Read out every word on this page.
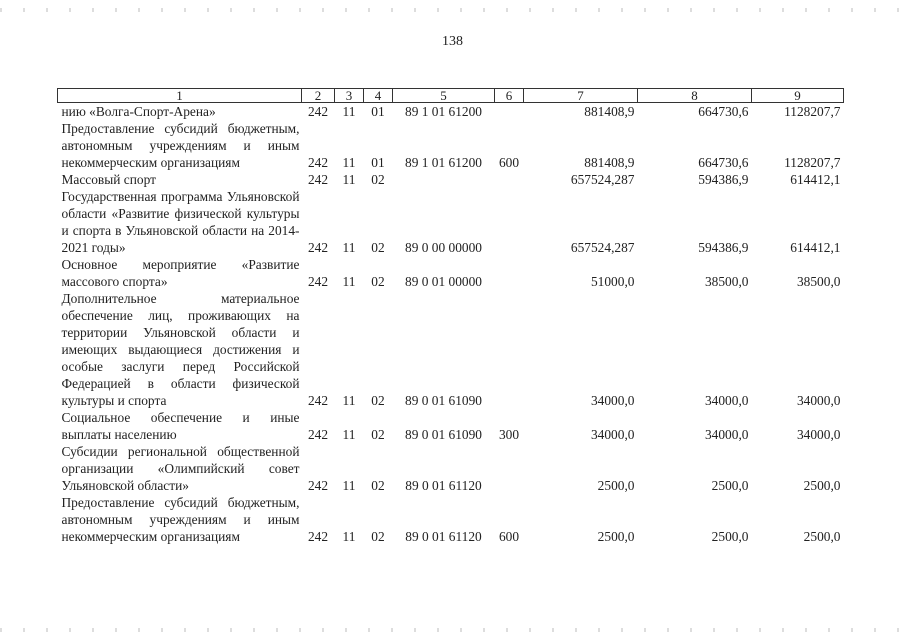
138
1	2	3	4	5	6	7	8	9
нию «Волга-Спорт-Арена»	242	11	01	89 1 01 61200		881408,9	664730,6	1128207,7
Предоставление субсидий бюджетным, автономным учреждениям и иным некоммерческим организациям	242	11	01	89 1 01 61200	600	881408,9	664730,6	1128207,7
Массовый спорт	242	11	02			657524,287	594386,9	614412,1
Государственная программа Ульяновской области «Развитие физической культуры и спорта в Ульяновской области на 2014-2021 годы»	242	11	02	89 0 00 00000		657524,287	594386,9	614412,1
Основное мероприятие «Развитие массового спорта»	242	11	02	89 0 01 00000		51000,0	38500,0	38500,0
Дополнительное материальное обеспечение лиц, проживающих на территории Ульяновской области и имеющих выдающиеся достижения и особые заслуги перед Российской Федерацией в области физической культуры и спорта	242	11	02	89 0 01 61090		34000,0	34000,0	34000,0
Социальное обеспечение и иные выплаты населению	242	11	02	89 0 01 61090	300	34000,0	34000,0	34000,0
Субсидии региональной общественной организации «Олимпийский совет Ульяновской области»	242	11	02	89 0 01 61120		2500,0	2500,0	2500,0
Предоставление субсидий бюджетным, автономным учреждениям и иным некоммерческим организациям	242	11	02	89 0 01 61120	600	2500,0	2500,0	2500,0
